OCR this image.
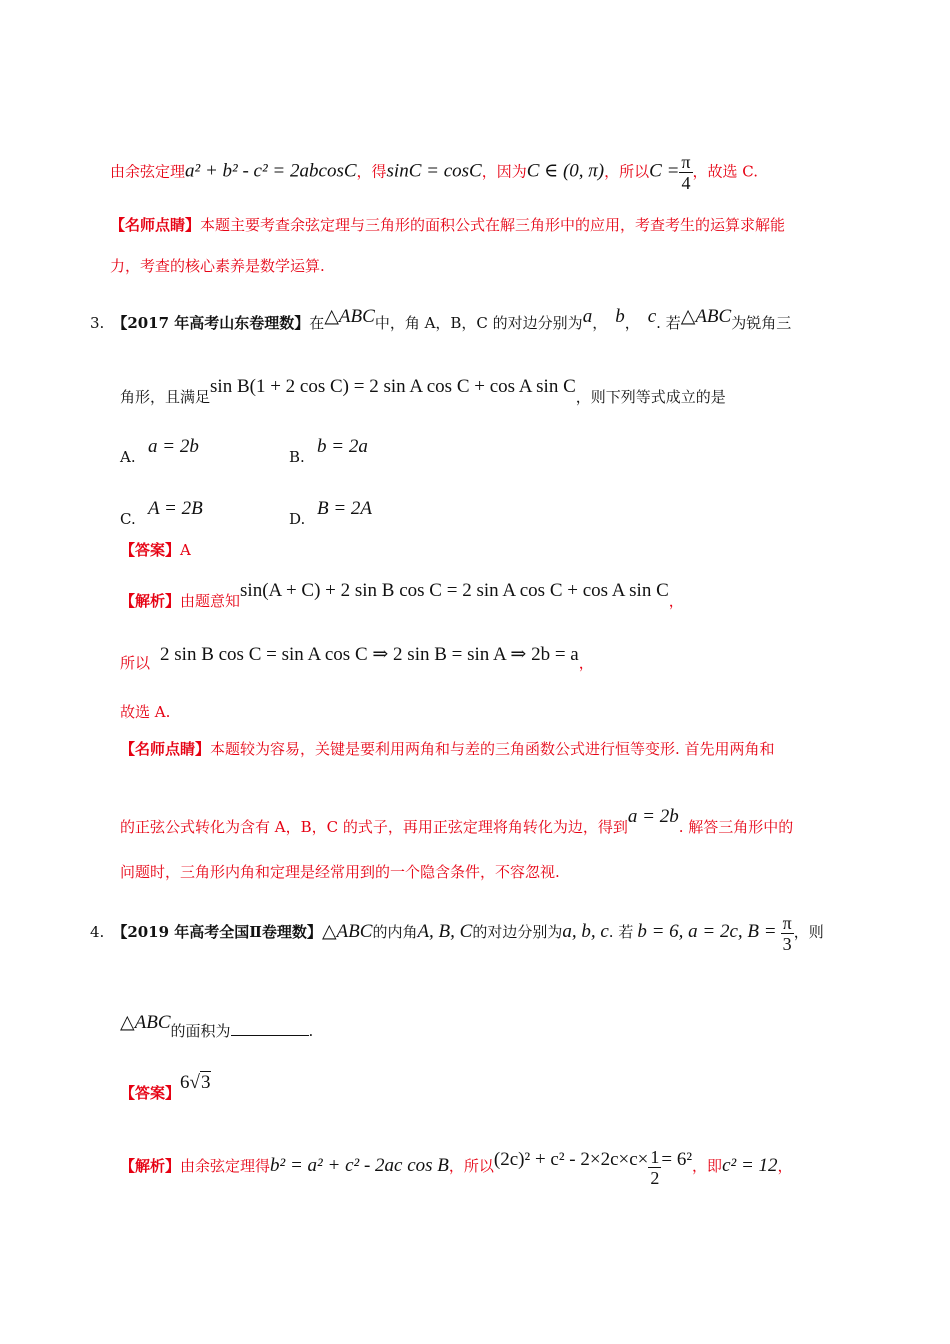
由余弦定理a² + b² - c² = 2abcosC，得sinC = cosC，因为C ∈ (0, π)，所以$C = \frac{\pi}{4}$ ，故选 C.
【名师点睛】本题主要考查余弦定理与三角形的面积公式在解三角形中的应用，考查考生的运算求解能
力，考查的核心素养是数学运算.
3. 【2017 年高考山东卷理数】在△ABC中，角 A，B，C 的对边分别为a， b， c. 若△ABC为锐角三
角形，且满足sin B(1 + 2 cos C) = 2 sin A cos C + cos A sin C，则下列等式成立的是
A. a = 2b	B. b = 2a
C. A = 2B	D. B = 2A
【答案】A
【解析】由题意知sin(A + C) + 2 sin B cos C = 2 sin A cos C + cos A sin C，
所以 2 sin B cos C = sin A cos C ⇒ 2 sin B = sin A ⇒ 2b = a，
故选 A.
【名师点睛】本题较为容易，关键是要利用两角和与差的三角函数公式进行恒等变形. 首先用两角和
的正弦公式转化为含有 A，B，C 的式子，再用正弦定理将角转化为边，得到a = 2b. 解答三角形中的
问题时，三角形内角和定理是经常用到的一个隐含条件，不容忽视.
4. 【2019 年高考全国Ⅱ卷理数】△ABC的内角A, B, C的对边分别为a, b, c. 若 b = 6, a = 2c, $B = \frac{\pi}{3}$ ，则
△ABC的面积为	.
【答案】6√3
【解析】由余弦定理得b² = a² + c² - 2ac cos B，所以$(2c)^2 + c^2 - 2\times 2c\times c\times \frac{1}{2} = 6^2$，即c² = 12，
